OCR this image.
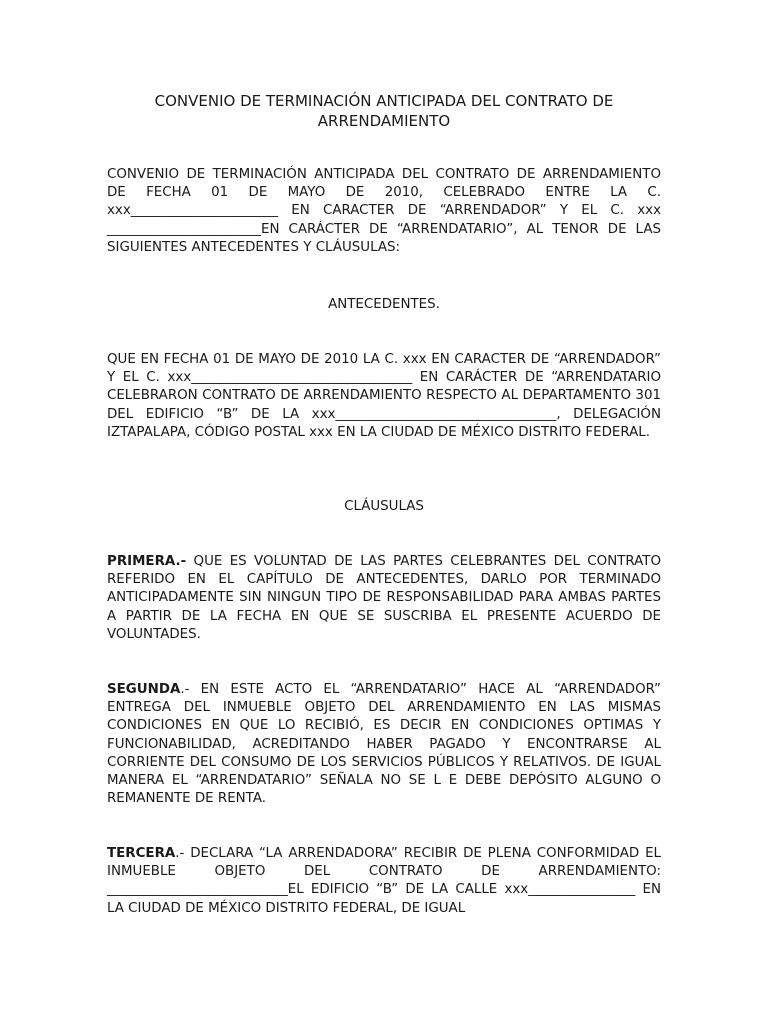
CONVENIO DE TERMINACIÓN ANTICIPADA DEL CONTRATO DE ARRENDAMIENTO

CONVENIO DE TERMINACIÓN ANTICIPADA DEL CONTRATO DE ARRENDAMIENTO DE FECHA 01 DE MAYO DE 2010, CELEBRADO ENTRE LA C. xxx______________________ EN CARACTER DE “ARRENDADOR” Y EL C. xxx _______________________EN CARÁCTER DE “ARRENDATARIO”, AL TENOR DE LAS SIGUIENTES ANTECEDENTES Y CLÁUSULAS:

ANTECEDENTES.

QUE EN FECHA 01 DE MAYO DE 2010 LA C. xxx EN CARACTER DE “ARRENDADOR” Y EL C. xxx_________________________________ EN CARÁCTER DE “ARRENDATARIO CELEBRARON CONTRATO DE ARRENDAMIENTO RESPECTO AL DEPARTAMENTO 301 DEL EDIFICIO “B” DE LA xxx_________________________________, DELEGACIÓN IZTAPALAPA, CÓDIGO POSTAL xxx EN LA CIUDAD DE MÉXICO DISTRITO FEDERAL.

CLÁUSULAS

PRIMERA.- QUE ES VOLUNTAD DE LAS PARTES CELEBRANTES DEL CONTRATO REFERIDO EN EL CAPÍTULO DE ANTECEDENTES, DARLO POR TERMINADO ANTICIPADAMENTE SIN NINGUN TIPO DE RESPONSABILIDAD PARA AMBAS PARTES A PARTIR DE LA FECHA EN QUE SE SUSCRIBA EL PRESENTE ACUERDO DE VOLUNTADES.

SEGUNDA.- EN ESTE ACTO EL “ARRENDATARIO” HACE AL “ARRENDADOR” ENTREGA DEL INMUEBLE OBJETO DEL ARRENDAMIENTO EN LAS MISMAS CONDICIONES EN QUE LO RECIBIÓ, ES DECIR EN CONDICIONES OPTIMAS Y FUNCIONABILIDAD, ACREDITANDO HABER PAGADO Y ENCONTRARSE AL CORRIENTE DEL CONSUMO DE LOS SERVICIOS PÚBLICOS Y RELATIVOS. DE IGUAL MANERA EL “ARRENDATARIO” SEÑALA NO SE L E DEBE DEPÓSITO ALGUNO O REMANENTE DE RENTA.

TERCERA.- DECLARA “LA ARRENDADORA” RECIBIR DE PLENA CONFORMIDAD EL INMUEBLE OBJETO DEL CONTRATO DE ARRENDAMIENTO: ___________________________EL EDIFICIO “B” DE LA CALLE xxx________________ EN LA CIUDAD DE MÉXICO DISTRITO FEDERAL, DE IGUAL
